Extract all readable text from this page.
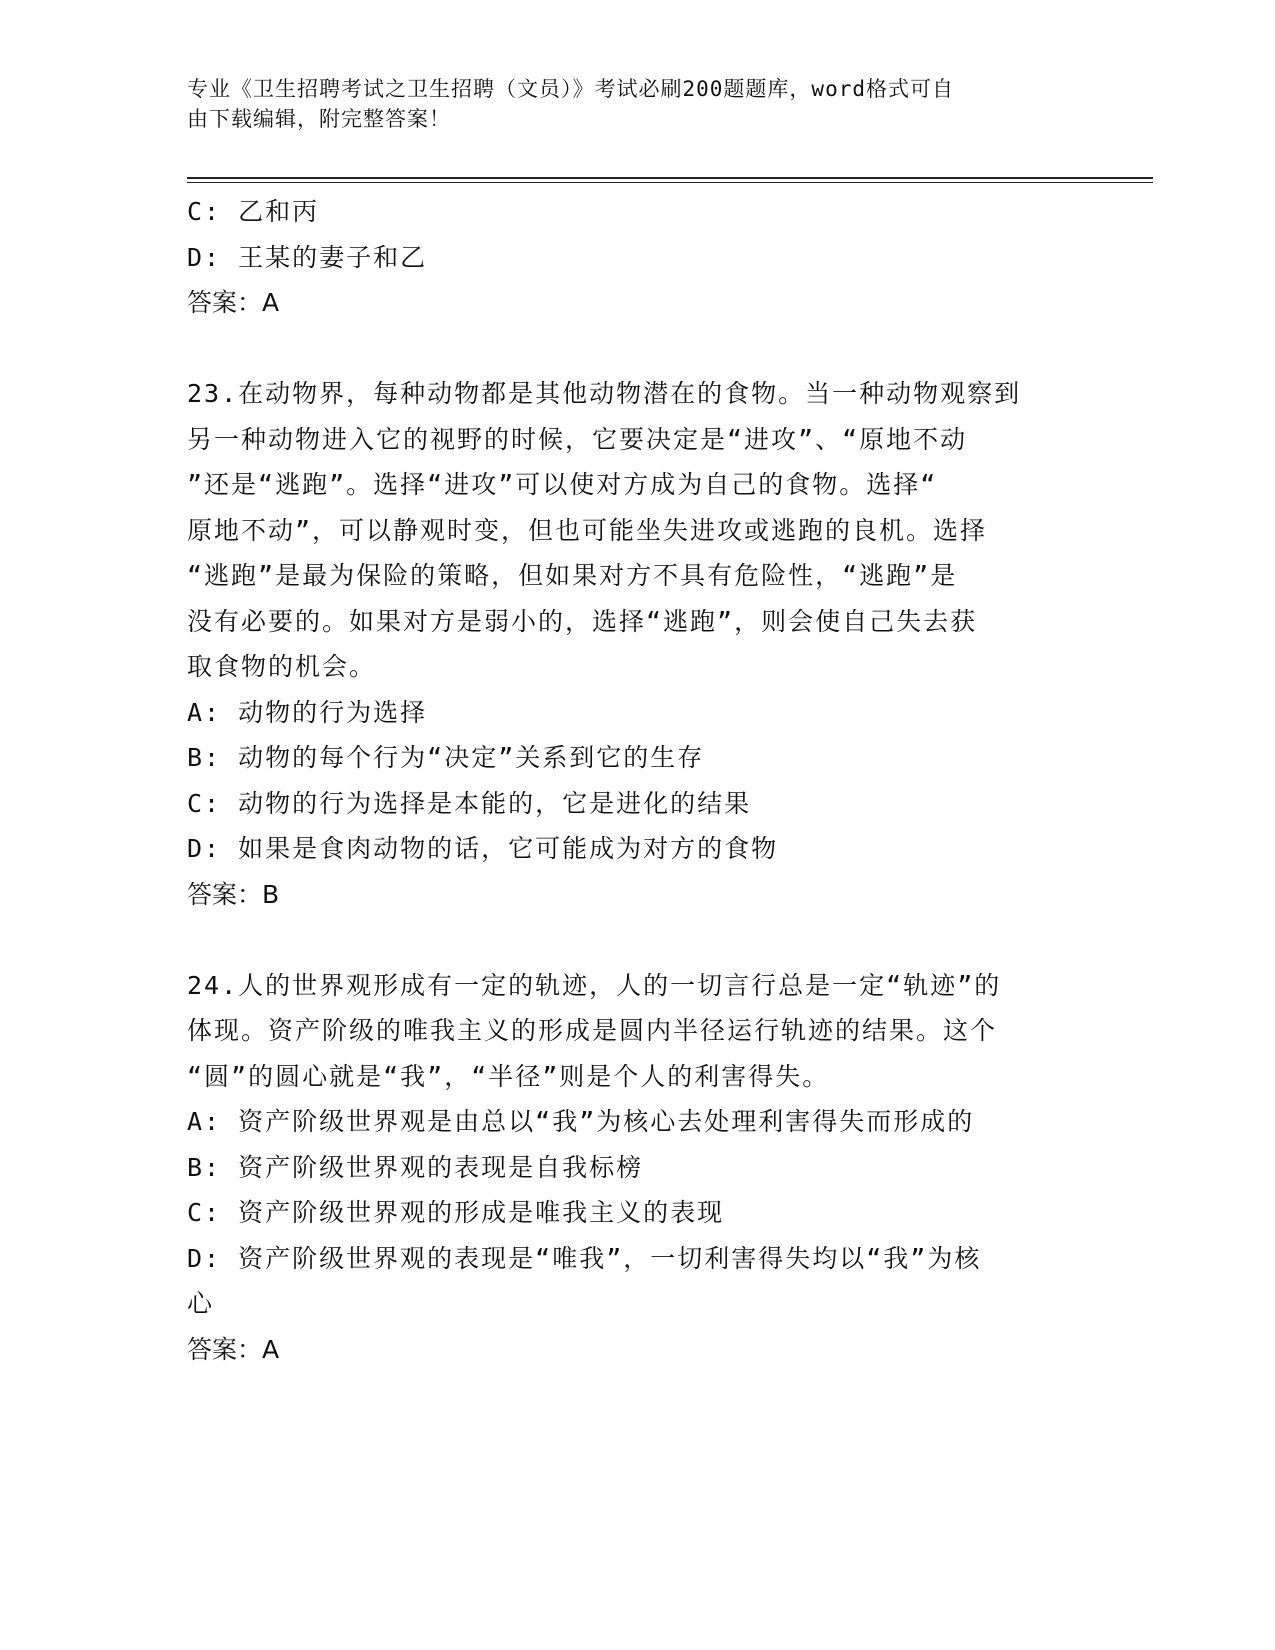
专业《卫生招聘考试之卫生招聘（文员）》考试必刷200题题库，word格式可自
由下载编辑，附完整答案！
C: 乙和丙
D: 王某的妻子和乙
答案：A
23.在动物界，每种动物都是其他动物潜在的食物。当一种动物观察到
另一种动物进入它的视野的时候，它要决定是“进攻”、“原地不动
”还是“逃跑”。选择“进攻”可以使对方成为自己的食物。选择“
原地不动”，可以静观时变，但也可能坐失进攻或逃跑的良机。选择
“逃跑”是最为保险的策略，但如果对方不具有危险性，“逃跑”是
没有必要的。如果对方是弱小的，选择“逃跑”，则会使自己失去获
取食物的机会。
A: 动物的行为选择
B: 动物的每个行为“决定”关系到它的生存
C: 动物的行为选择是本能的，它是进化的结果
D: 如果是食肉动物的话，它可能成为对方的食物
答案：B
24.人的世界观形成有一定的轨迹，人的一切言行总是一定“轨迹”的
体现。资产阶级的唯我主义的形成是圆内半径运行轨迹的结果。这个
“圆”的圆心就是“我”，“半径”则是个人的利害得失。
A: 资产阶级世界观是由总以“我”为核心去处理利害得失而形成的
B: 资产阶级世界观的表现是自我标榜
C: 资产阶级世界观的形成是唯我主义的表现
D: 资产阶级世界观的表现是“唯我”，一切利害得失均以“我”为核
心
答案：A
